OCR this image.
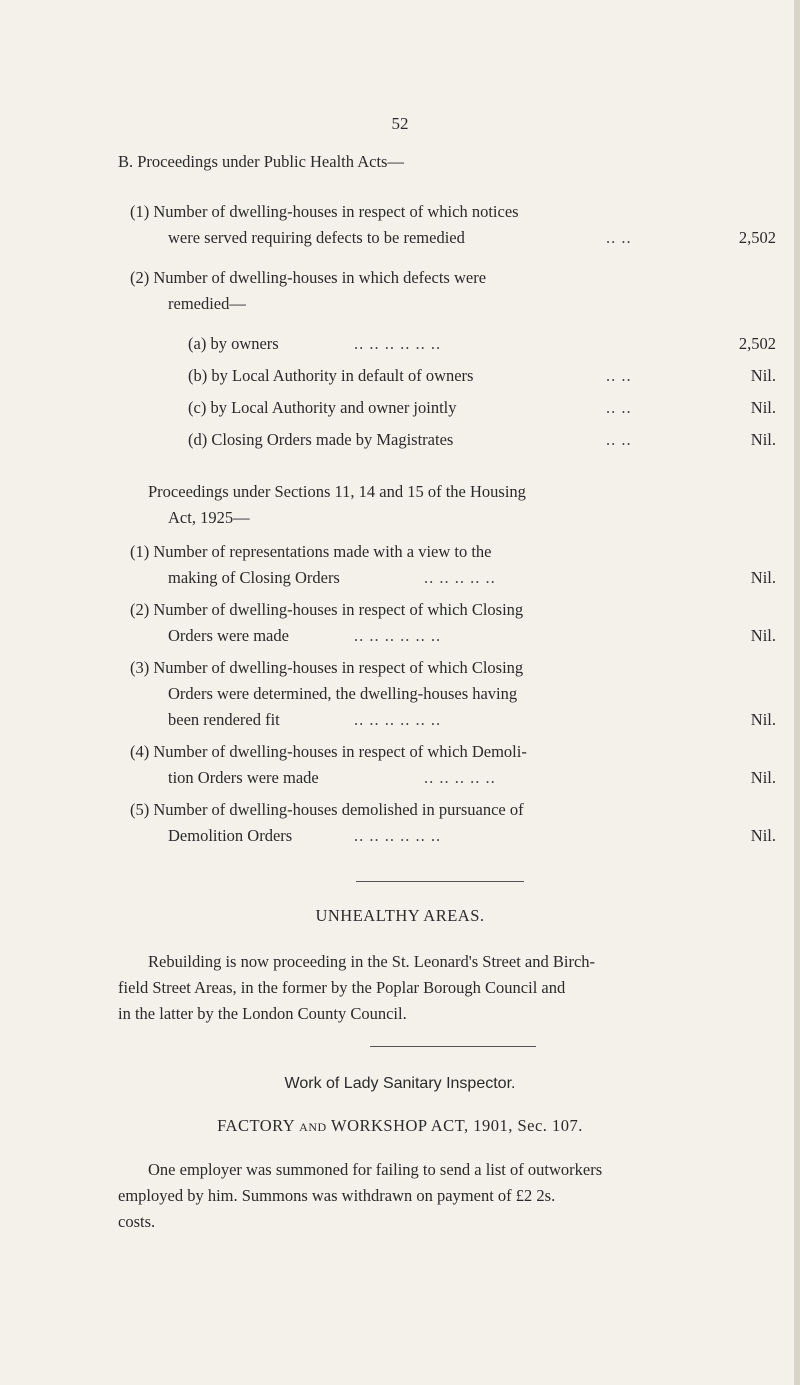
52
B. Proceedings under Public Health Acts—
(1) Number of dwelling-houses in respect of which notices
were served requiring defects to be remedied	.. ..	2,502
(2) Number of dwelling-houses in which defects were
remedied—
(a) by owners	.. .. .. .. .. ..	2,502
(b) by Local Authority in default of owners	.. ..	Nil.
(c) by Local Authority and owner jointly	.. ..	Nil.
(d) Closing Orders made by Magistrates	.. ..	Nil.
Proceedings under Sections 11, 14 and 15 of the Housing
Act, 1925—
(1) Number of representations made with a view to the
making of Closing Orders	.. .. .. .. ..	Nil.
(2) Number of dwelling-houses in respect of which Closing
Orders were made	.. .. .. .. .. ..	Nil.
(3) Number of dwelling-houses in respect of which Closing
Orders were determined, the dwelling-houses having
been rendered fit	.. .. .. .. .. ..	Nil.
(4) Number of dwelling-houses in respect of which Demoli-
tion Orders were made	.. .. .. .. ..	Nil.
(5) Number of dwelling-houses demolished in pursuance of
Demolition Orders	.. .. .. .. .. ..	Nil.
UNHEALTHY AREAS.
Rebuilding is now proceeding in the St. Leonard's Street and Birch-
field Street Areas, in the former by the Poplar Borough Council and
in the latter by the London County Council.
Work of Lady Sanitary Inspector.
FACTORY AND WORKSHOP ACT, 1901, Sec. 107.
One employer was summoned for failing to send a list of outworkers
employed by him. Summons was withdrawn on payment of £2 2s.
costs.
